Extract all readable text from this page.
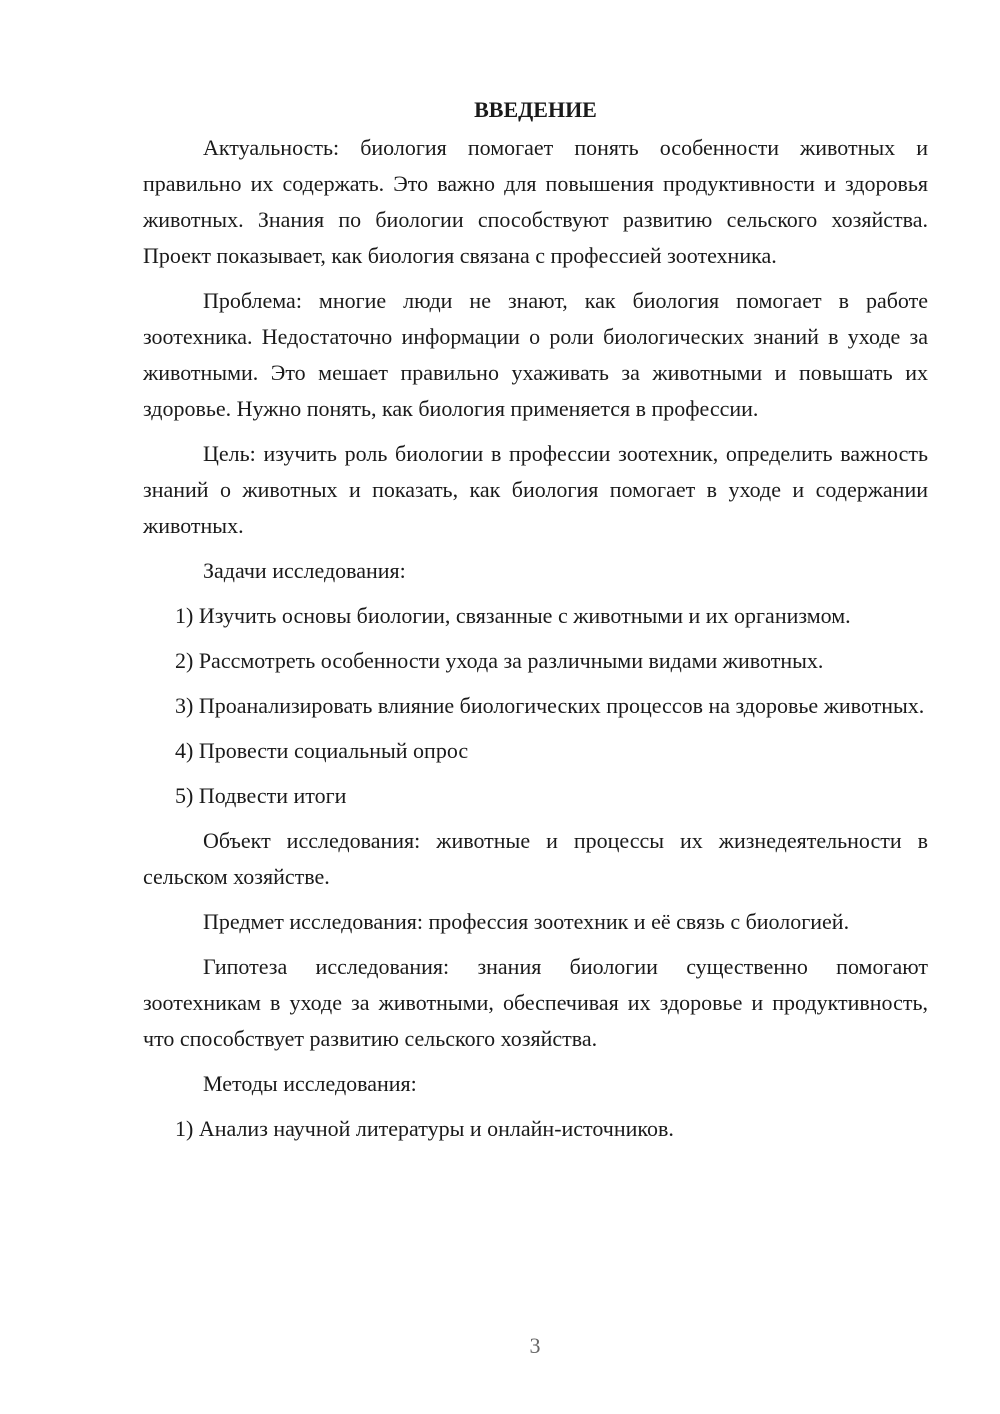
ВВЕДЕНИЕ

Актуальность: биология помогает понять особенности животных и правильно их содержать. Это важно для повышения продуктивности и здоровья животных. Знания по биологии способствуют развитию сельского хозяйства. Проект показывает, как биология связана с профессией зоотехника.

Проблема: многие люди не знают, как биология помогает в работе зоотехника. Недостаточно информации о роли биологических знаний в уходе за животными. Это мешает правильно ухаживать за животными и повышать их здоровье. Нужно понять, как биология применяется в профессии.

Цель: изучить роль биологии в профессии зоотехник, определить важность знаний о животных и показать, как биология помогает в уходе и содержании животных.

Задачи исследования:

1) Изучить основы биологии, связанные с животными и их организмом.

2) Рассмотреть особенности ухода за различными видами животных.

3) Проанализировать влияние биологических процессов на здоровье животных.

4) Провести социальный опрос

5) Подвести итоги

Объект исследования: животные и процессы их жизнедеятельности в сельском хозяйстве.

Предмет исследования: профессия зоотехник и её связь с биологией.

Гипотеза исследования: знания биологии существенно помогают зоотехникам в уходе за животными, обеспечивая их здоровье и продуктивность, что способствует развитию сельского хозяйства.

Методы исследования:

1) Анализ научной литературы и онлайн-источников.

3
